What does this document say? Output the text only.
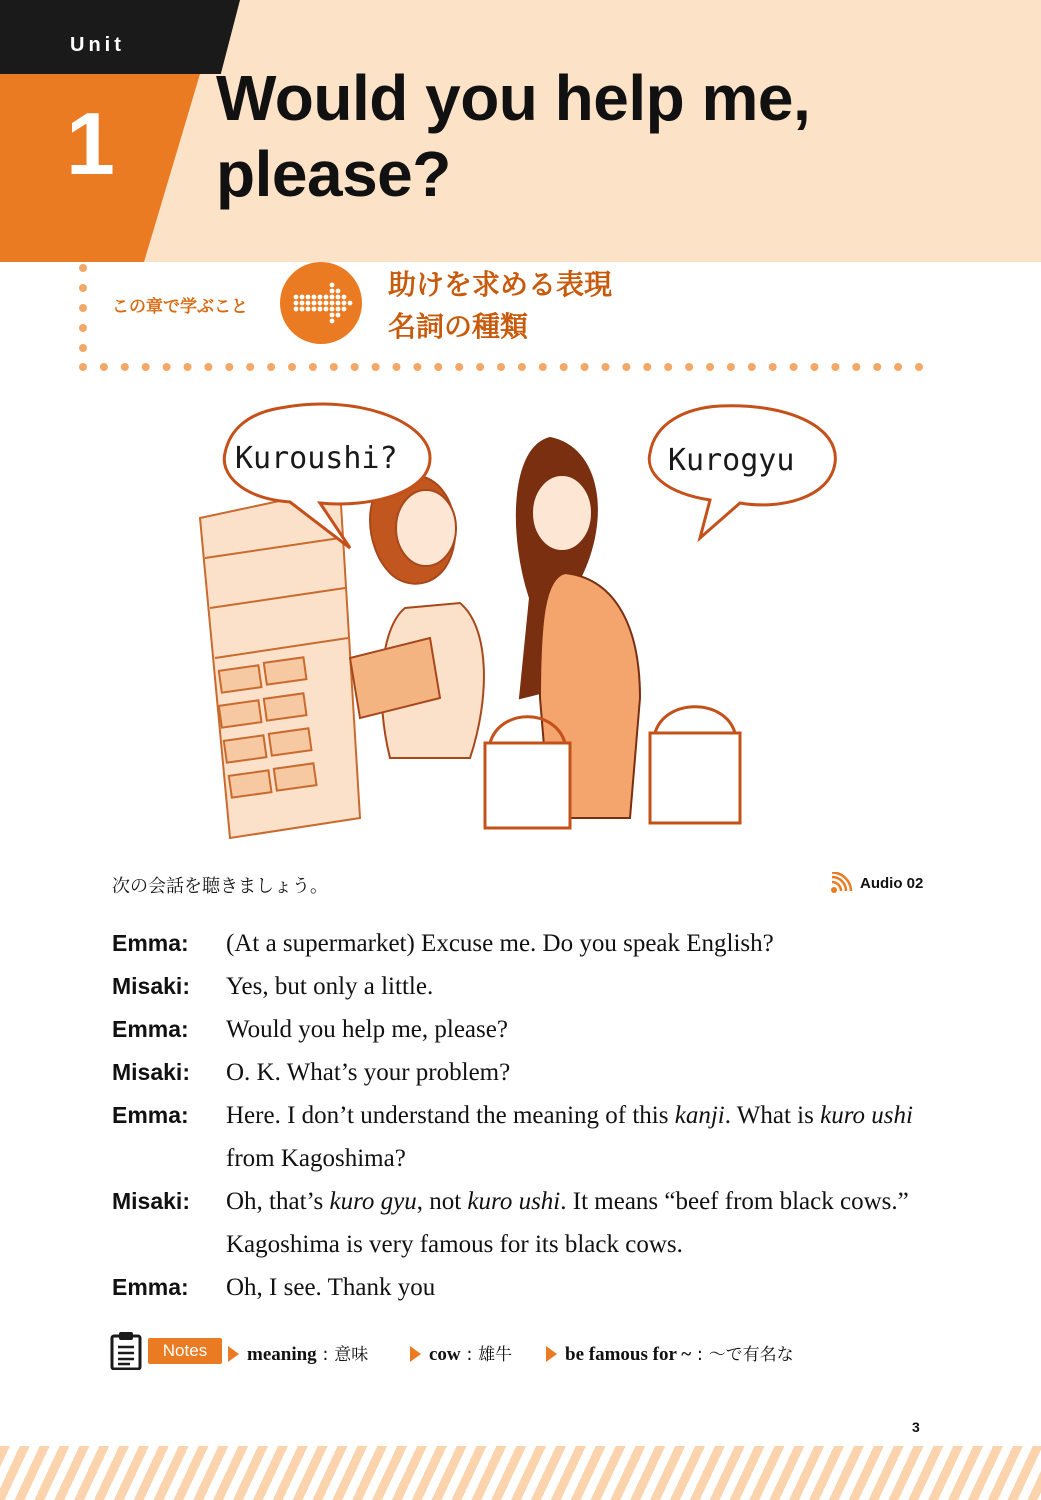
Unit
1 Would you help me,
please?
この章で学ぶこと
助けを求める表現
名詞の種類
Kuroushi?	Kurogyu
次の会話を聴きましょう。	Audio 02
Emma:	(At a supermarket) Excuse me. Do you speak English?
Misaki:	Yes, but only a little.
Emma:	Would you help me, please?
Misaki:	O. K. What’s your problem?
Emma:	Here. I don’t understand the meaning of this kanji. What is kuro ushi from Kagoshima?
Misaki:	Oh, that’s kuro gyu, not kuro ushi. It means “beef from black cows.” Kagoshima is very famous for its black cows.
Emma:	Oh, I see. Thank you
Notes	meaning : 意味	cow : 雄牛	be famous for ~ : ～で有名な
3
